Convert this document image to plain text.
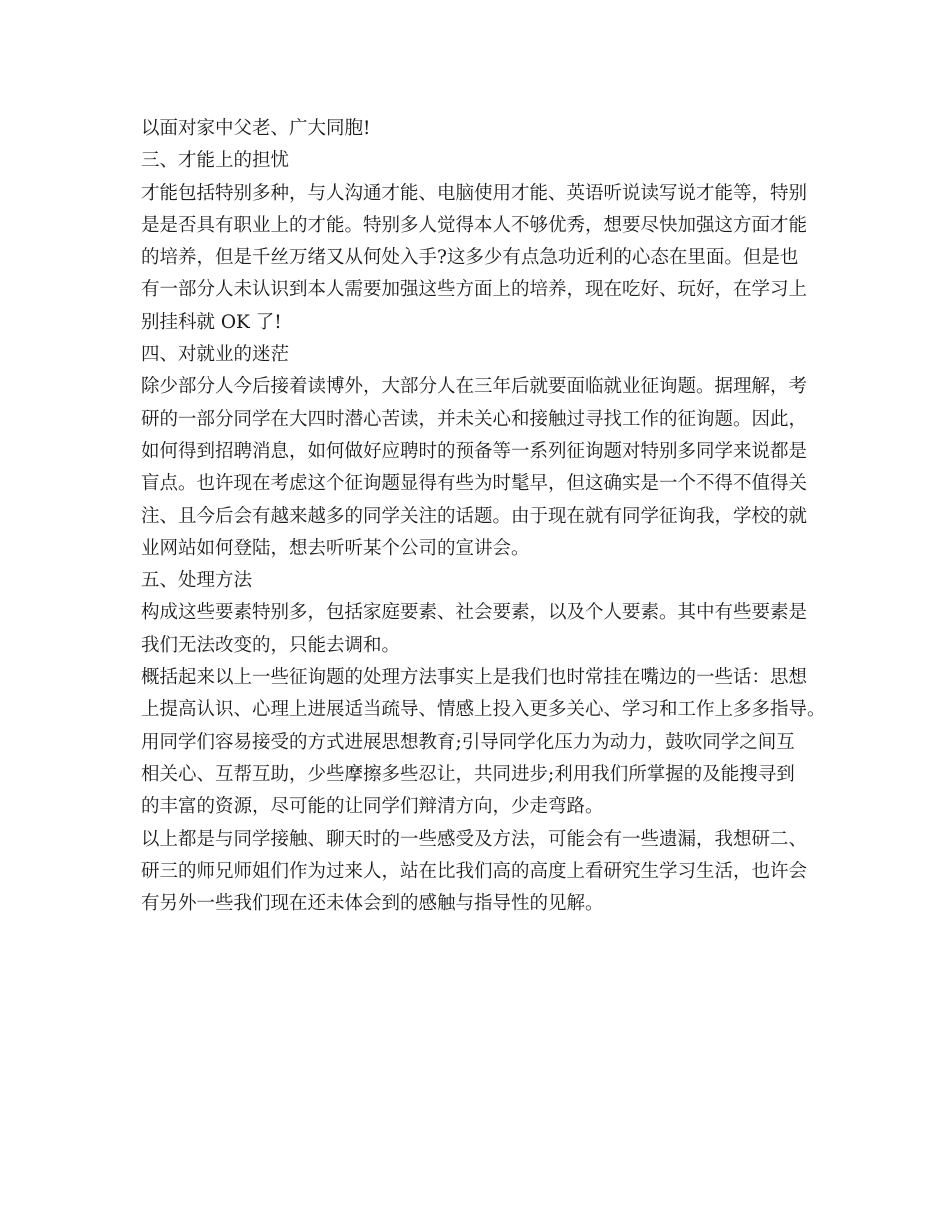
以面对家中父老、广大同胞!
三、才能上的担忧
才能包括特别多种，与人沟通才能、电脑使用才能、英语听说读写说才能等，特别
是是否具有职业上的才能。特别多人觉得本人不够优秀，想要尽快加强这方面才能
的培养，但是千丝万绪又从何处入手?这多少有点急功近利的心态在里面。但是也
有一部分人未认识到本人需要加强这些方面上的培养，现在吃好、玩好，在学习上
别挂科就 OK 了!
四、对就业的迷茫
除少部分人今后接着读博外，大部分人在三年后就要面临就业征询题。据理解，考
研的一部分同学在大四时潜心苦读，并未关心和接触过寻找工作的征询题。因此，
如何得到招聘消息，如何做好应聘时的预备等一系列征询题对特别多同学来说都是
盲点。也许现在考虑这个征询题显得有些为时髦早，但这确实是一个不得不值得关
注、且今后会有越来越多的同学关注的话题。由于现在就有同学征询我，学校的就
业网站如何登陆，想去听听某个公司的宣讲会。
五、处理方法
构成这些要素特别多，包括家庭要素、社会要素，以及个人要素。其中有些要素是
我们无法改变的，只能去调和。
概括起来以上一些征询题的处理方法事实上是我们也时常挂在嘴边的一些话：思想
上提高认识、心理上进展适当疏导、情感上投入更多关心、学习和工作上多多指导。
用同学们容易接受的方式进展思想教育;引导同学化压力为动力，鼓吹同学之间互
相关心、互帮互助，少些摩擦多些忍让，共同进步;利用我们所掌握的及能搜寻到
的丰富的资源，尽可能的让同学们辩清方向，少走弯路。
以上都是与同学接触、聊天时的一些感受及方法，可能会有一些遗漏，我想研二、
研三的师兄师姐们作为过来人，站在比我们高的高度上看研究生学习生活，也许会
有另外一些我们现在还未体会到的感触与指导性的见解。
